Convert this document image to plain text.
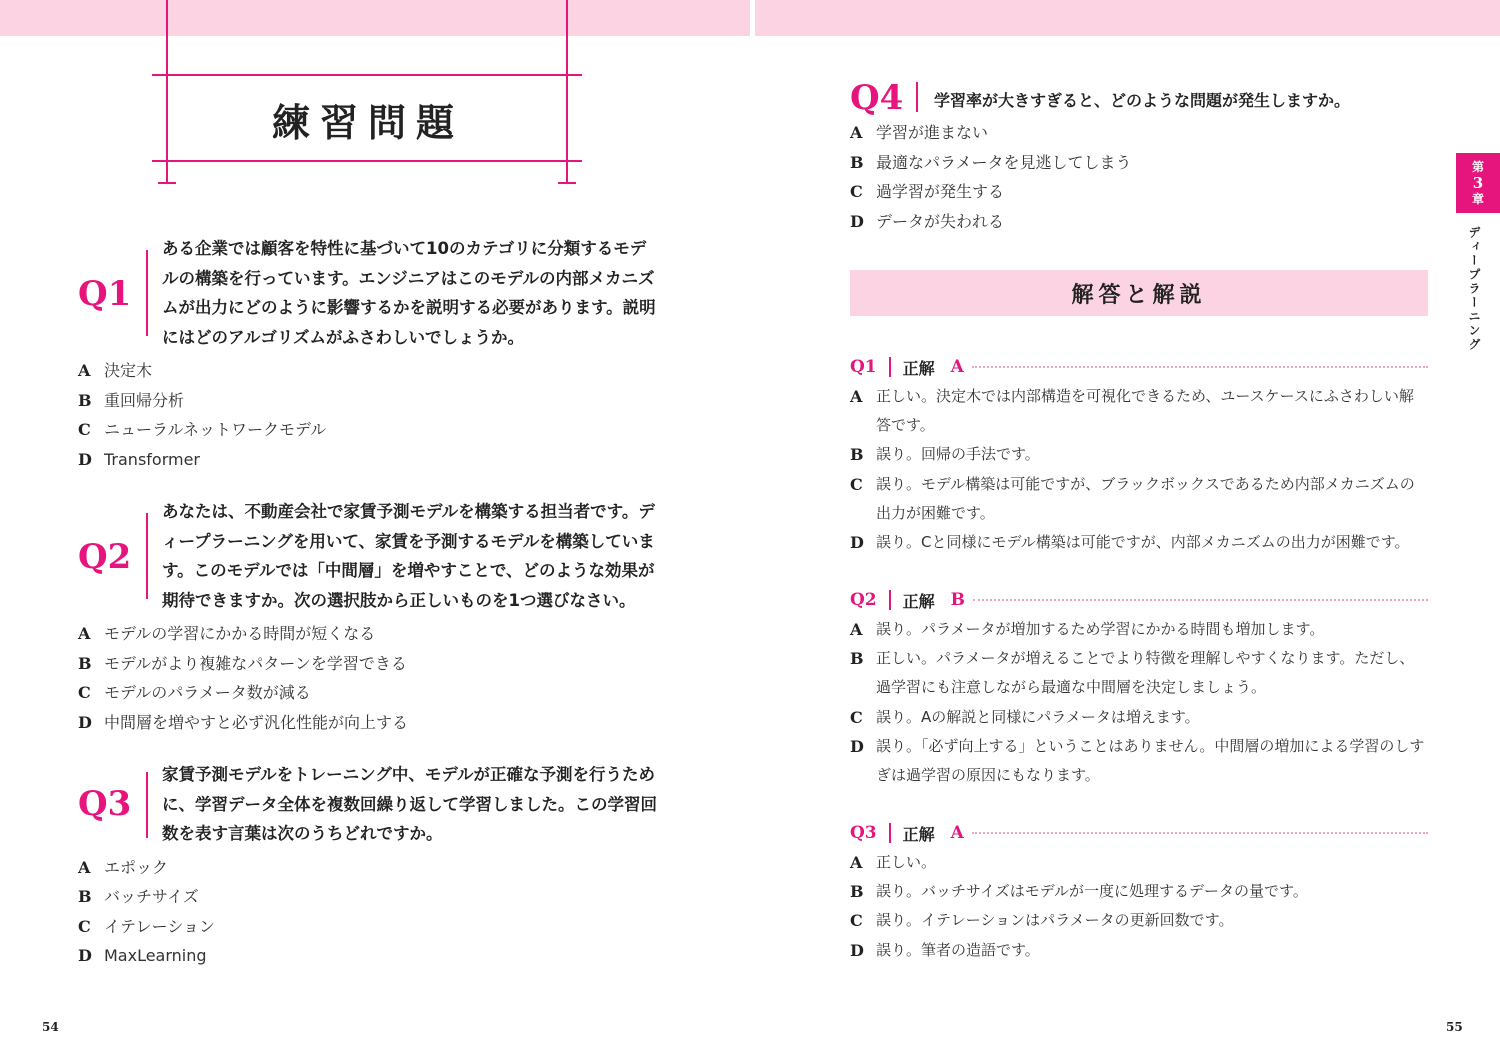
練習問題
Q1
ある企業では顧客を特性に基づいて10のカテゴリに分類するモデルの構築を行っています。エンジニアはこのモデルの内部メカニズムが出力にどのように影響するかを説明する必要があります。説明にはどのアルゴリズムがふさわしいでしょうか。
A 決定木
B 重回帰分析
C ニューラルネットワークモデル
D Transformer
Q2
あなたは、不動産会社で家賃予測モデルを構築する担当者です。ディープラーニングを用いて、家賃を予測するモデルを構築しています。このモデルでは「中間層」を増やすことで、どのような効果が期待できますか。次の選択肢から正しいものを1つ選びなさい。
A モデルの学習にかかる時間が短くなる
B モデルがより複雑なパターンを学習できる
C モデルのパラメータ数が減る
D 中間層を増やすと必ず汎化性能が向上する
Q3
家賃予測モデルをトレーニング中、モデルが正確な予測を行うために、学習データ全体を複数回繰り返して学習しました。この学習回数を表す言葉は次のうちどれですか。
A エポック
B バッチサイズ
C イテレーション
D MaxLearning
54
Q4 学習率が大きすぎると、どのような問題が発生しますか。
A 学習が進まない
B 最適なパラメータを見逃してしまう
C 過学習が発生する
D データが失われる
解答と解説
Q1 正解 A
A 正しい。決定木では内部構造を可視化できるため、ユースケースにふさわしい解答です。
B 誤り。回帰の手法です。
C 誤り。モデル構築は可能ですが、ブラックボックスであるため内部メカニズムの出力が困難です。
D 誤り。Cと同様にモデル構築は可能ですが、内部メカニズムの出力が困難です。
Q2 正解 B
A 誤り。パラメータが増加するため学習にかかる時間も増加します。
B 正しい。パラメータが増えることでより特徴を理解しやすくなります。ただし、過学習にも注意しながら最適な中間層を決定しましょう。
C 誤り。Aの解説と同様にパラメータは増えます。
D 誤り。「必ず向上する」ということはありません。中間層の増加による学習のしすぎは過学習の原因にもなります。
Q3 正解 A
A 正しい。
B 誤り。バッチサイズはモデルが一度に処理するデータの量です。
C 誤り。イテレーションはパラメータの更新回数です。
D 誤り。筆者の造語です。
第
3
章
ディープラーニング
55
